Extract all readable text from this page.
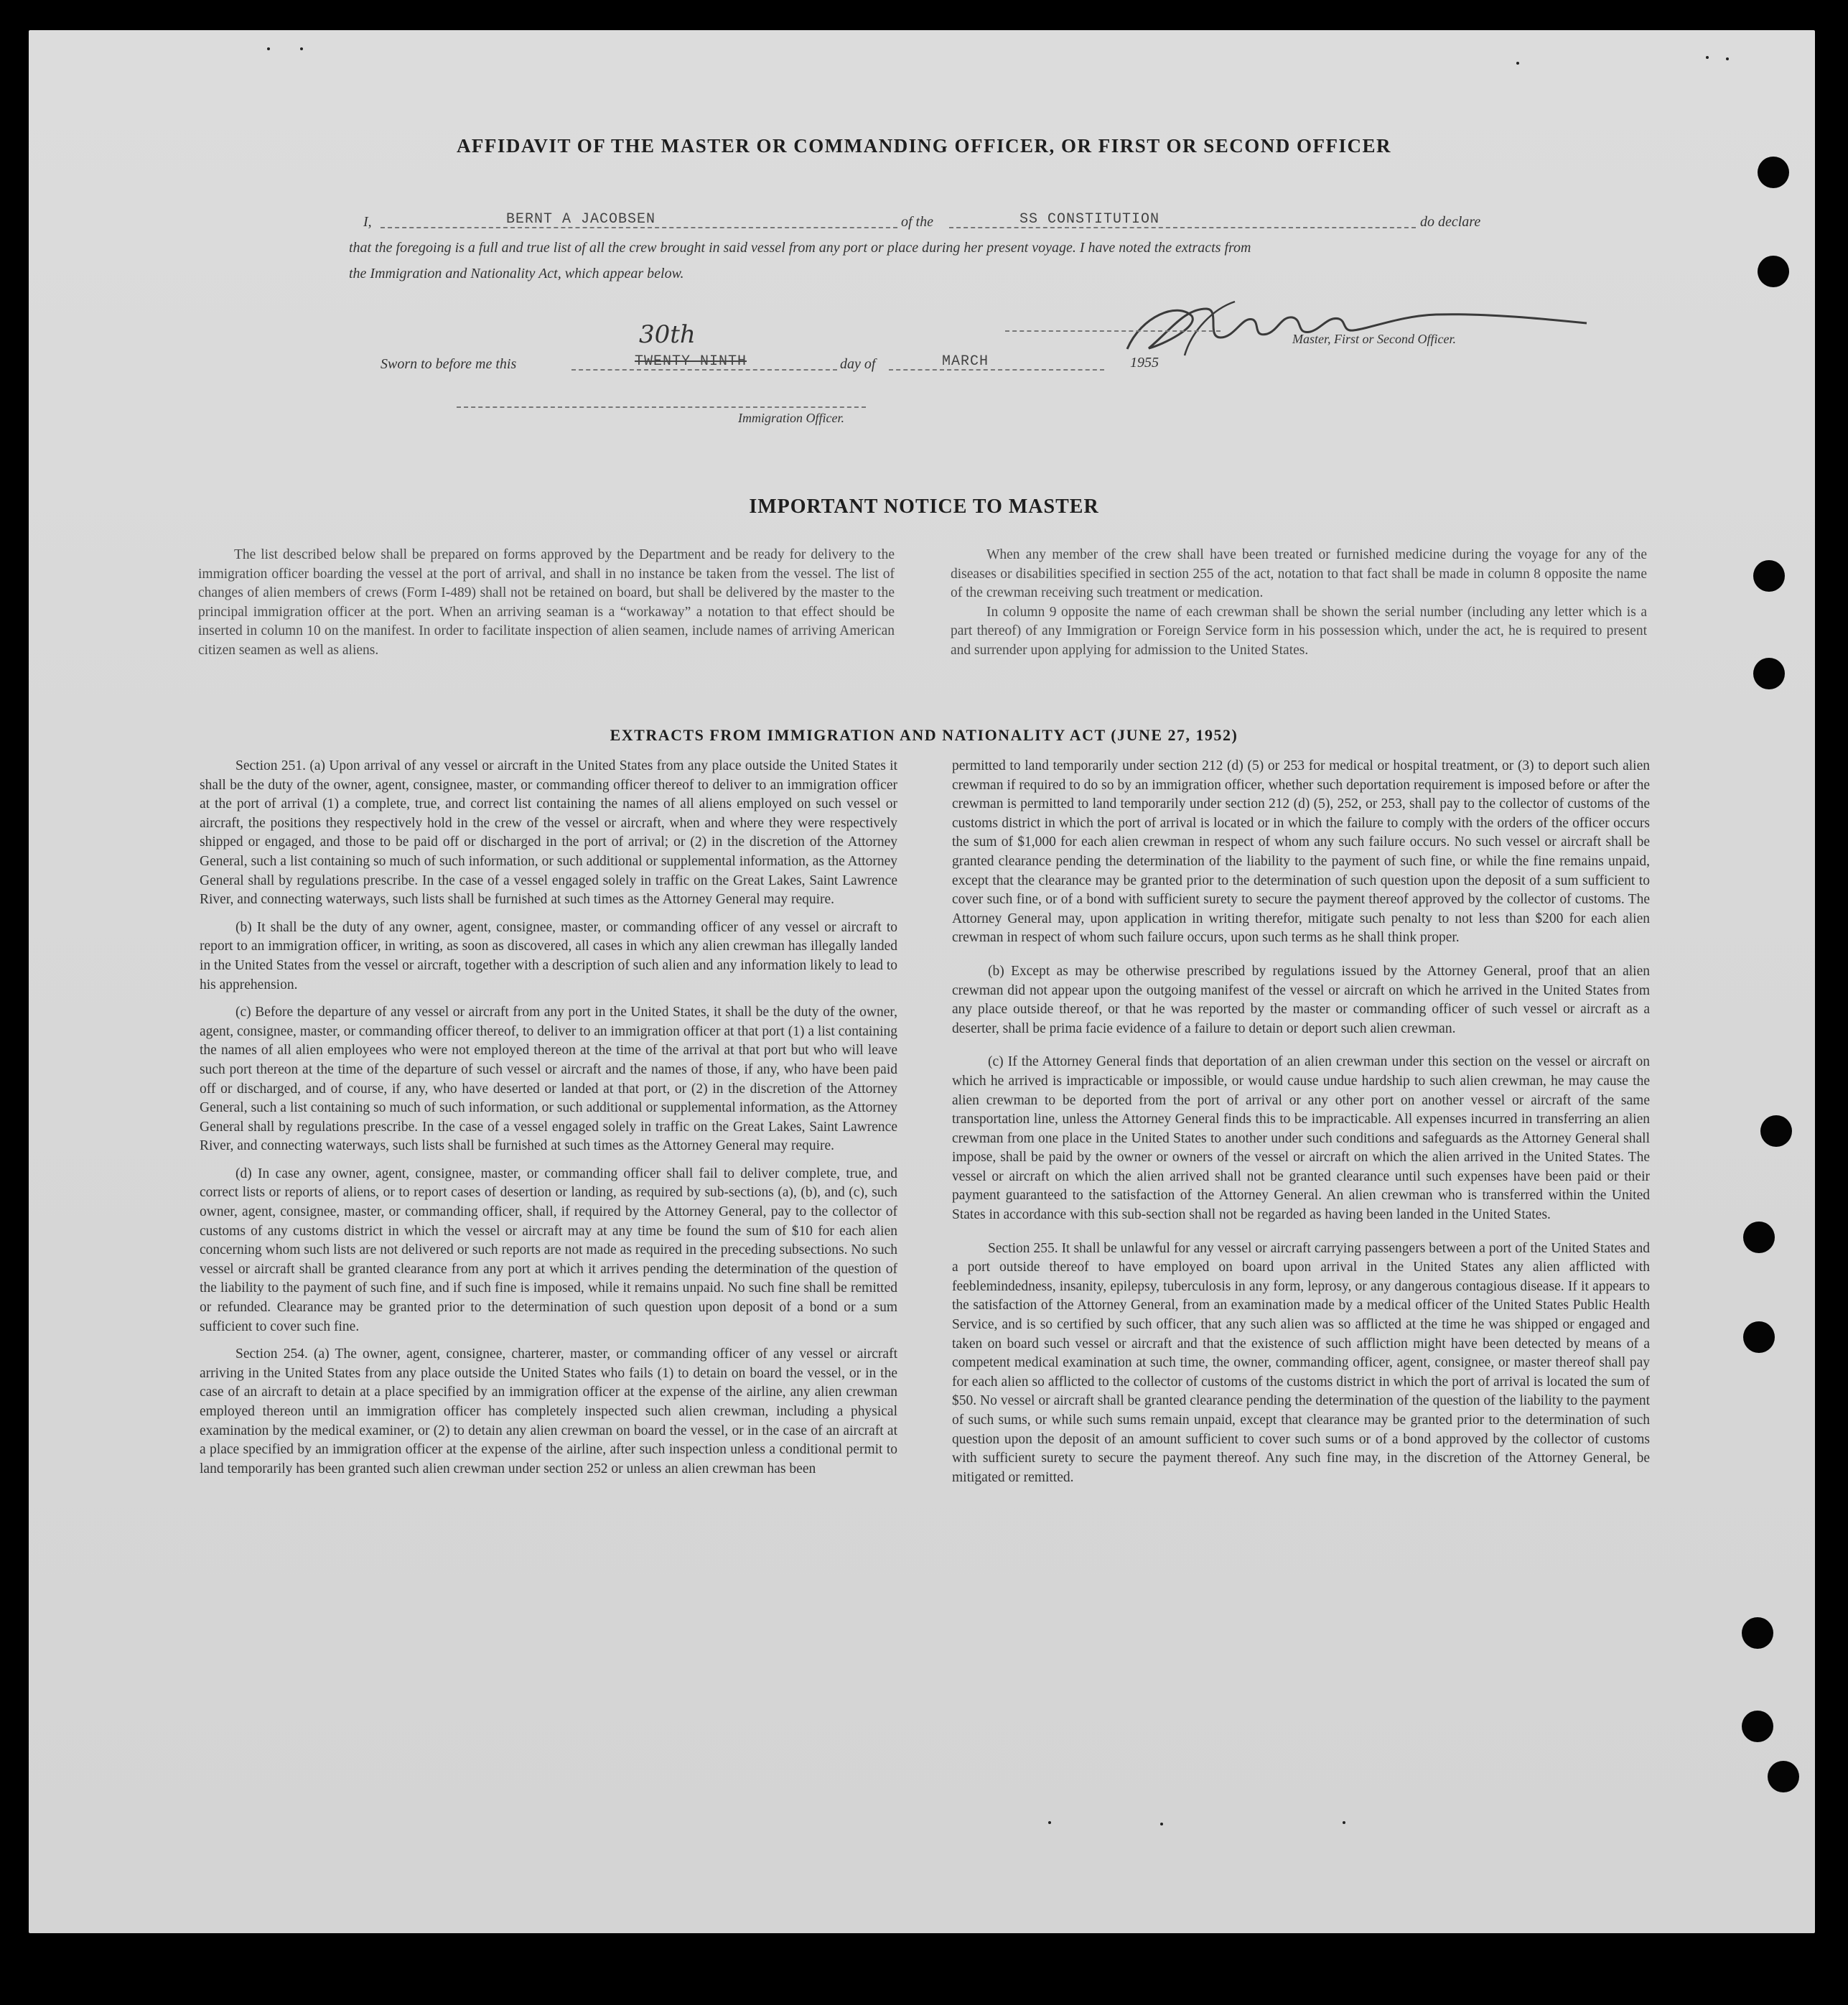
AFFIDAVIT OF THE MASTER OR COMMANDING OFFICER, OR FIRST OR SECOND OFFICER
I,	BERNT A JACOBSEN	of the	SS CONSTITUTION	do declare
that the foregoing is a full and true list of all the crew brought in said vessel from any port or place during her present voyage. I have noted the extracts from
the Immigration and Nationality Act, which appear below.
30th
Sworn to before me this	TWENTY NINTH	day of	MARCH	1955
Master, First or Second Officer.
Immigration Officer.
IMPORTANT NOTICE TO MASTER

The list described below shall be prepared on forms approved by the Department and be ready for delivery to the immigration officer boarding the vessel at the port of arrival, and shall in no instance be taken from the vessel. The list of changes of alien members of crews (Form I-489) shall not be retained on board, but shall be delivered by the master to the principal immigration officer at the port. When an arriving seaman is a “workaway” a notation to that effect should be inserted in column 10 on the manifest. In order to facilitate inspection of alien seamen, include names of arriving American citizen seamen as well as aliens.

When any member of the crew shall have been treated or furnished medicine during the voyage for any of the diseases or disabilities specified in section 255 of the act, notation to that fact shall be made in column 8 opposite the name of the crewman receiving such treatment or medication.

In column 9 opposite the name of each crewman shall be shown the serial number (including any letter which is a part thereof) of any Immigration or Foreign Service form in his possession which, under the act, he is required to present and surrender upon applying for admission to the United States.

EXTRACTS FROM IMMIGRATION AND NATIONALITY ACT (JUNE 27, 1952)

Section 251. (a) Upon arrival of any vessel or aircraft in the United States from any place outside the United States it shall be the duty of the owner, agent, consignee, master, or commanding officer thereof to deliver to an immigration officer at the port of arrival (1) a complete, true, and correct list containing the names of all aliens employed on such vessel or aircraft, the positions they respectively hold in the crew of the vessel or aircraft, when and where they were respectively shipped or engaged, and those to be paid off or discharged in the port of arrival; or (2) in the discretion of the Attorney General, such a list containing so much of such information, or such additional or supplemental information, as the Attorney General shall by regulations prescribe. In the case of a vessel engaged solely in traffic on the Great Lakes, Saint Lawrence River, and connecting waterways, such lists shall be furnished at such times as the Attorney General may require.

(b) It shall be the duty of any owner, agent, consignee, master, or commanding officer of any vessel or aircraft to report to an immigration officer, in writing, as soon as discovered, all cases in which any alien crewman has illegally landed in the United States from the vessel or aircraft, together with a description of such alien and any information likely to lead to his apprehension.

(c) Before the departure of any vessel or aircraft from any port in the United States, it shall be the duty of the owner, agent, consignee, master, or commanding officer thereof, to deliver to an immigration officer at that port (1) a list containing the names of all alien employees who were not employed thereon at the time of the arrival at that port but who will leave such port thereon at the time of the departure of such vessel or aircraft and the names of those, if any, who have been paid off or discharged, and of course, if any, who have deserted or landed at that port, or (2) in the discretion of the Attorney General, such a list containing so much of such information, or such additional or supplemental information, as the Attorney General shall by regulations prescribe. In the case of a vessel engaged solely in traffic on the Great Lakes, Saint Lawrence River, and connecting waterways, such lists shall be furnished at such times as the Attorney General may require.

(d) In case any owner, agent, consignee, master, or commanding officer shall fail to deliver complete, true, and correct lists or reports of aliens, or to report cases of desertion or landing, as required by sub-sections (a), (b), and (c), such owner, agent, consignee, master, or commanding officer, shall, if required by the Attorney General, pay to the collector of customs of any customs district in which the vessel or aircraft may at any time be found the sum of $10 for each alien concerning whom such lists are not delivered or such reports are not made as required in the preceding subsections. No such vessel or aircraft shall be granted clearance from any port at which it arrives pending the determination of the question of the liability to the payment of such fine, and if such fine is imposed, while it remains unpaid. No such fine shall be remitted or refunded. Clearance may be granted prior to the determination of such question upon deposit of a bond or a sum sufficient to cover such fine.

Section 254. (a) The owner, agent, consignee, charterer, master, or commanding officer of any vessel or aircraft arriving in the United States from any place outside the United States who fails (1) to detain on board the vessel, or in the case of an aircraft to detain at a place specified by an immigration officer at the expense of the airline, any alien crewman employed thereon until an immigration officer has completely inspected such alien crewman, including a physical examination by the medical examiner, or (2) to detain any alien crewman on board the vessel, or in the case of an aircraft at a place specified by an immigration officer at the expense of the airline, after such inspection unless a conditional permit to land temporarily has been granted such alien crewman under section 252 or unless an alien crewman has been

permitted to land temporarily under section 212 (d) (5) or 253 for medical or hospital treatment, or (3) to deport such alien crewman if required to do so by an immigration officer, whether such deportation requirement is imposed before or after the crewman is permitted to land temporarily under section 212 (d) (5), 252, or 253, shall pay to the collector of customs of the customs district in which the port of arrival is located or in which the failure to comply with the orders of the officer occurs the sum of $1,000 for each alien crewman in respect of whom any such failure occurs. No such vessel or aircraft shall be granted clearance pending the determination of the liability to the payment of such fine, or while the fine remains unpaid, except that the clearance may be granted prior to the determination of such question upon the deposit of a sum sufficient to cover such fine, or of a bond with sufficient surety to secure the payment thereof approved by the collector of customs. The Attorney General may, upon application in writing therefor, mitigate such penalty to not less than $200 for each alien crewman in respect of whom such failure occurs, upon such terms as he shall think proper.

(b) Except as may be otherwise prescribed by regulations issued by the Attorney General, proof that an alien crewman did not appear upon the outgoing manifest of the vessel or aircraft on which he arrived in the United States from any place outside thereof, or that he was reported by the master or commanding officer of such vessel or aircraft as a deserter, shall be prima facie evidence of a failure to detain or deport such alien crewman.

(c) If the Attorney General finds that deportation of an alien crewman under this section on the vessel or aircraft on which he arrived is impracticable or impossible, or would cause undue hardship to such alien crewman, he may cause the alien crewman to be deported from the port of arrival or any other port on another vessel or aircraft of the same transportation line, unless the Attorney General finds this to be impracticable. All expenses incurred in transferring an alien crewman from one place in the United States to another under such conditions and safeguards as the Attorney General shall impose, shall be paid by the owner or owners of the vessel or aircraft on which the alien arrived in the United States. The vessel or aircraft on which the alien arrived shall not be granted clearance until such expenses have been paid or their payment guaranteed to the satisfaction of the Attorney General. An alien crewman who is transferred within the United States in accordance with this sub-section shall not be regarded as having been landed in the United States.

Section 255. It shall be unlawful for any vessel or aircraft carrying passengers between a port of the United States and a port outside thereof to have employed on board upon arrival in the United States any alien afflicted with feeblemindedness, insanity, epilepsy, tuberculosis in any form, leprosy, or any dangerous contagious disease. If it appears to the satisfaction of the Attorney General, from an examination made by a medical officer of the United States Public Health Service, and is so certified by such officer, that any such alien was so afflicted at the time he was shipped or engaged and taken on board such vessel or aircraft and that the existence of such affliction might have been detected by means of a competent medical examination at such time, the owner, commanding officer, agent, consignee, or master thereof shall pay for each alien so afflicted to the collector of customs of the customs district in which the port of arrival is located the sum of $50. No vessel or aircraft shall be granted clearance pending the determination of the question of the liability to the payment of such sums, or while such sums remain unpaid, except that clearance may be granted prior to the determination of such question upon the deposit of an amount sufficient to cover such sums or of a bond approved by the collector of customs with sufficient surety to secure the payment thereof. Any such fine may, in the discretion of the Attorney General, be mitigated or remitted.
